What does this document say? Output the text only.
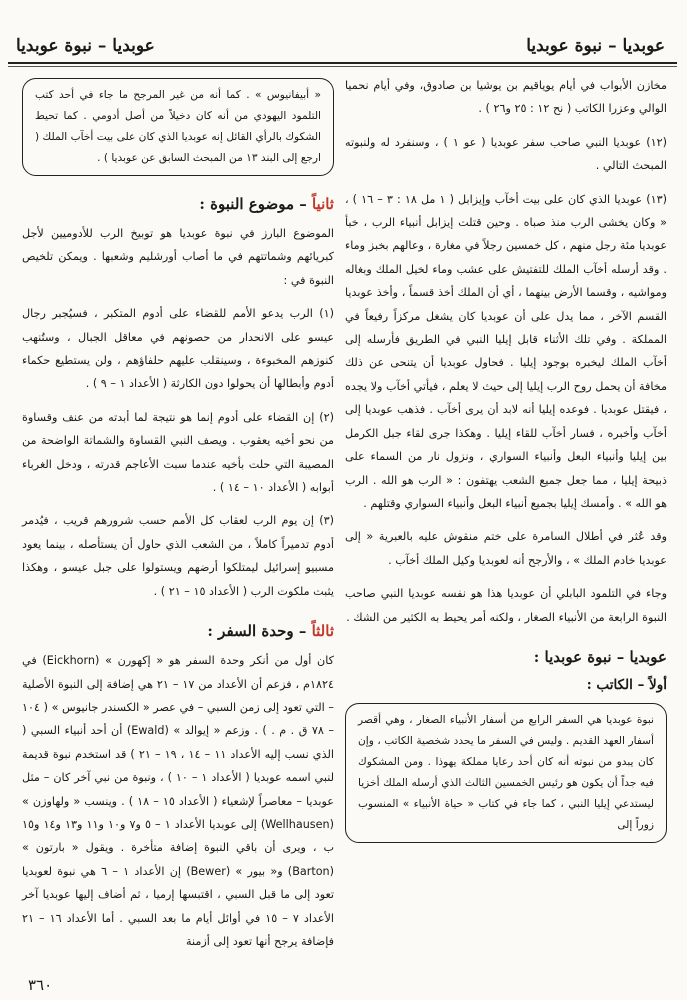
عوبديا – نبوة عوبديا
عوبديا – نبوة عوبديا

مخازن الأبواب في أيام يوياقيم بن يوشيا بن صادوق، وفي أيام نحميا الوالي وعزرا الكاتب ( نح ١٢ : ٢٥ و٢٦ ) .

(١٢) عوبديا النبي صاحب سفر عوبديا ( عو ١ ) ، وسنفرد له ولنبوته المبحث التالي .

(١٣) عوبديا الذي كان على بيت أخآب وإيزابل ( ١ مل ١٨ : ٣ – ١٦ ) ، « وكان يخشى الرب منذ صباه . وحين قتلت إيزابل أنبياء الرب ، خبأ عوبديا مئة رجل منهم ، كل خمسين رجلاً في مغارة ، وعالهم بخبز وماء . وقد أرسله أخآب الملك للتفتيش على عشب وماء لخيل الملك وبغاله ومواشيه ، وقسما الأرض بينهما ، أي أن الملك أخذ قسماً ، وأخذ عوبديا القسم الآخر ، مما يدل على أن عوبديا كان يشغل مركزاً رفيعاً في المملكة . وفي تلك الأثناء قابل إيليا النبي في الطريق فأرسله إلى أخآب الملك ليخبره بوجود إيليا . فحاول عوبديا أن يتنحى عن ذلك مخافة أن يحمل روح الرب إيليا إلى حيث لا يعلم ، فيأتي أخآب ولا يجده ، فيقتل عوبديا . فوعده إيليا أنه لابد أن يرى أخآب . فذهب عوبديا إلى أخآب وأخبره ، فسار أخآب للقاء إيليا . وهكذا جرى لقاء جبل الكرمل بين إيليا وأنبياء البعل وأنبياء السواري ، ونزول نار من السماء على ذبيحة إيليا ، مما جعل جميع الشعب يهتفون : « الرب هو الله . الرب هو الله » . وأمسك إيليا بجميع أنبياء البعل وأنبياء السواري وقتلهم .

وقد عُثر في أطلال السامرة على ختم منقوش عليه بالعبرية « إلى عوبديا خادم الملك » ، والأرجح أنه لعوبديا وكيل الملك أخآب .

وجاء في التلمود البابلي أن عوبديا هذا هو نفسه عوبديا النبي صاحب النبوة الرابعة من الأنبياء الصغار ، ولكنه أمر يحيط به الكثير من الشك .

عوبديا – نبوة عوبديا :
أولاً – الكاتب :
نبوة عوبديا هي السفر الرابع من أسفار الأنبياء الصغار ، وهي أقصر أسفار العهد القديم . وليس في السفر ما يحدد شخصية الكاتب ، وإن كان يبدو من نبوته أنه كان أحد رعايا مملكة يهوذا . ومن المشكوك فيه جداً أن يكون هو رئيس الخمسين الثالث الذي أرسله الملك أخزيا ليستدعي إيليا النبي ، كما جاء في كتاب « حياة الأنبياء » المنسوب زوراً إلى
« أبيفانيوس » . كما أنه من غير المرجح ما جاء في أحد كتب التلمود اليهودي من أنه كان دخيلاً من أصل أدومي . كما تحيط الشكوك بالرأي القائل إنه عوبديا الذي كان على بيت أخآب الملك ( ارجع إلى البند ١٣ من المبحث السابق عن عوبديا ) .
ثانياً – موضوع النبوة :

الموضوع البارز في نبوة عوبديا هو توبيخ الرب للأدوميين لأجل كبريائهم وشماتتهم في ما أصاب أورشليم وشعبها . ويمكن تلخيص النبوة في :

(١) الرب يدعو الأمم للقضاء على أدوم المتكبر ، فسيُجبر رجال عيسو على الانحدار من حصونهم في معاقل الجبال ، وستُنهب كنوزهم المخبوءة ، وسينقلب عليهم حلفاؤهم ، ولن يستطيع حكماء أدوم وأبطالها أن يحولوا دون الكارثة ( الأعداد ١ – ٩ ) .

(٢) إن القضاء على أدوم إنما هو نتيجة لما أبدته من عنف وقساوة من نحو أخيه يعقوب . ويصف النبي القساوة والشماتة الواضحة من المصيبة التي حلت بأخيه عندما سبت الأعاجم قدرته ، ودخل الغرباء أبوابه ( الأعداد ١٠ – ١٤ ) .

(٣) إن يوم الرب لعقاب كل الأمم حسب شرورهم قريب ، فيُدمر أدوم تدميراً كاملاً ، من الشعب الذي حاول أن يستأصله ، بينما يعود مسبيو إسرائيل ليمتلكوا أرضهم ويستولوا على جبل عيسو ، وهكذا يثبت ملكوت الرب ( الأعداد ١٥ – ٢١ ) .

ثالثاً – وحدة السفر :

كان أول من أنكر وحدة السفر هو « إكهورن » (Eickhorn) في ١٨٢٤م ، فزعم أن الأعداد من ١٧ – ٢١ هي إضافة إلى النبوة الأصلية – التي تعود إلى زمن السبي – في عصر « الكسندر جانيوس » ( ١٠٤ – ٧٨ ق . م . ) . وزعم « إيوالد » (Ewald) أن أحد أنبياء السبي ( الذي نسب إليه الأعداد ١١ – ١٤ ، ١٩ – ٢١ ) قد استخدم نبوة قديمة لنبي اسمه عوبديا ( الأعداد ١ – ١٠ ) ، ونبوة من نبي آخر كان – مثل عوبديا – معاصراً لإشعياء ( الأعداد ١٥ – ١٨ ) . وينسب « ولهاوزن » (Wellhausen) إلى عوبديا الأعداد ١ – ٥ و٧ و١٠ و١١ و١٣ و١٤ و١٥ ب ، ويرى أن باقي النبوة إضافة متأخرة . ويقول « بارتون » (Barton) و« بيور » (Bewer) إن الأعداد ١ – ٦ هي نبوة لعوبديا تعود إلى ما قبل السبي ، اقتبسها إرميا ، ثم أضاف إليها عوبديا آخر الأعداد ٧ – ١٥ في أوائل أيام ما بعد السبي . أما الأعداد ١٦ – ٢١ فإضافة يرجح أنها تعود إلى أزمنة

٣٦٠
